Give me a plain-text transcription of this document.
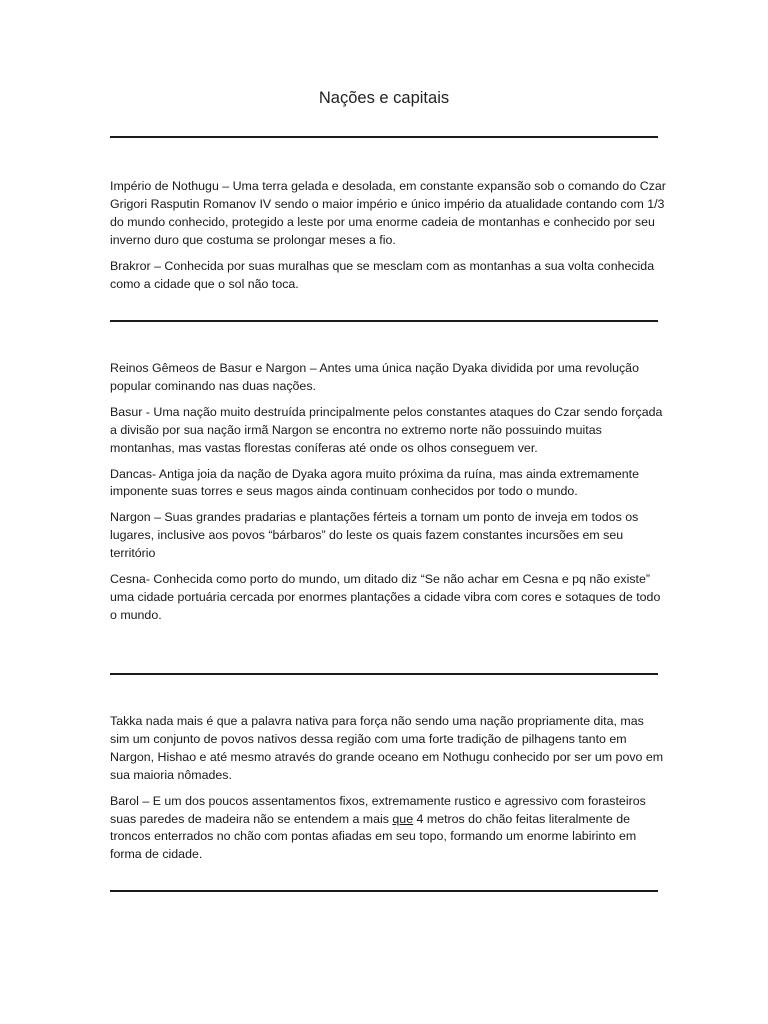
Nações e capitais

Império de Nothugu – Uma terra gelada e desolada, em constante expansão sob o comando do Czar Grigori Rasputin Romanov IV sendo o maior império e único império da atualidade contando com 1/3 do mundo conhecido, protegido a leste por uma enorme cadeia de montanhas e conhecido por seu inverno duro que costuma se prolongar meses a fio.

Brakror – Conhecida por suas muralhas que se mesclam com as montanhas a sua volta conhecida como a cidade que o sol não toca.

Reinos Gêmeos de Basur e Nargon – Antes uma única nação Dyaka dividida por uma revolução popular cominando nas duas nações.

Basur - Uma nação muito destruída principalmente pelos constantes ataques do Czar sendo forçada a divisão por sua nação irmã Nargon se encontra no extremo norte não possuindo muitas montanhas, mas vastas florestas coníferas até onde os olhos conseguem ver.

Dancas- Antiga joia da nação de Dyaka agora muito próxima da ruína, mas ainda extremamente imponente suas torres e seus magos ainda continuam conhecidos por todo o mundo.

Nargon – Suas grandes pradarias e plantações férteis a tornam um ponto de inveja em todos os lugares, inclusive aos povos “bárbaros” do leste os quais fazem constantes incursões em seu território

Cesna- Conhecida como porto do mundo, um ditado diz “Se não achar em Cesna e pq não existe” uma cidade portuária cercada por enormes plantações a cidade vibra com cores e sotaques de todo o mundo.

Takka nada mais é que a palavra nativa para força não sendo uma nação propriamente dita, mas sim um conjunto de povos nativos dessa região com uma forte tradição de pilhagens tanto em Nargon, Hishao e até mesmo através do grande oceano em Nothugu conhecido por ser um povo em sua maioria nômades.

Barol – E um dos poucos assentamentos fixos, extremamente rustico e agressivo com forasteiros suas paredes de madeira não se entendem a mais que 4 metros do chão feitas literalmente de troncos enterrados no chão com pontas afiadas em seu topo, formando um enorme labirinto em forma de cidade.
